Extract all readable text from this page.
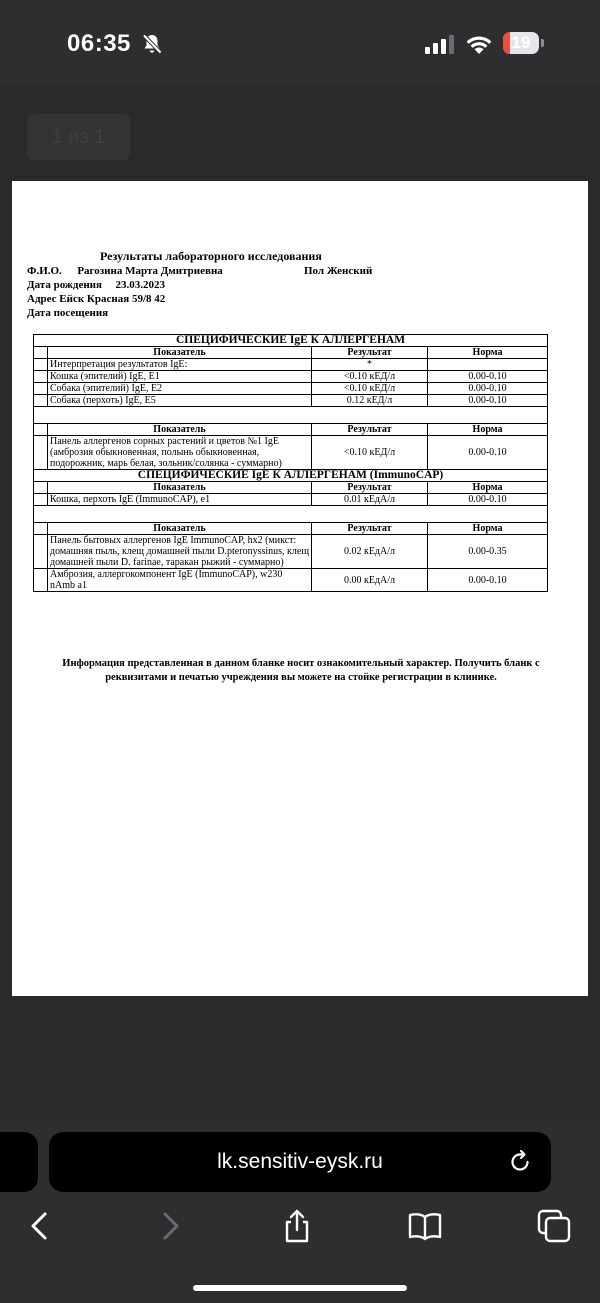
06:35	19
1 из 1
Результаты лабораторного исследования
Ф.И.О. Рагозина Марта Дмитриевна	Пол Женский
Дата рождения 23.03.2023
Адрес Ейск Красная 59/8 42
Дата посещения
СПЕЦИФИЧЕСКИЕ IgE К АЛЛЕРГЕНАМ			
	Показатель	Результат	Норма
	Интерпретация результатов IgE:	*	
	Кошка (эпителий) IgE, E1	<0.10 кЕД/л	0.00-0.10
	Собака (эпителий) IgE, E2	<0.10 кЕД/л	0.00-0.10
	Собака (перхоть) IgE, E5	0.12 кЕД/л	0.00-0.10

	Показатель	Результат	Норма
	Панель аллергенов сорных растений и цветов №1 IgE (амброзия обыкновенная, полынь обыкновенная, подорожник, марь белая, зольник/солянка - суммарно)	<0.10 кЕД/л	0.00-0.10
СПЕЦИФИЧЕСКИЕ IgE К АЛЛЕРГЕНАМ (ImmunoCAP)			
	Показатель	Результат	Норма
	Кошка, перхоть IgE (ImmunoCAP), e1	0.01 кЕдА/л	0.00-0.10

	Показатель	Результат	Норма
	Панель бытовых аллергенов IgE ImmunoCAP, hx2 (микст: домашняя пыль, клещ домашней пыли D.pteronyssinus, клещ домашней пыли D. farinae, таракан рыжий - суммарно)	0.02 кЕдА/л	0.00-0.35
	Амброзия, аллергокомпонент IgE (ImmunoCAP), w230 nAmb a1	0.00 кЕдА/л	0.00-0.10
Информация представленная в данном бланке носит ознакомительный характер. Получить бланк с реквизитами и печатью учреждения вы можете на стойке регистрации в клинике.
lk.sensitiv-eysk.ru
